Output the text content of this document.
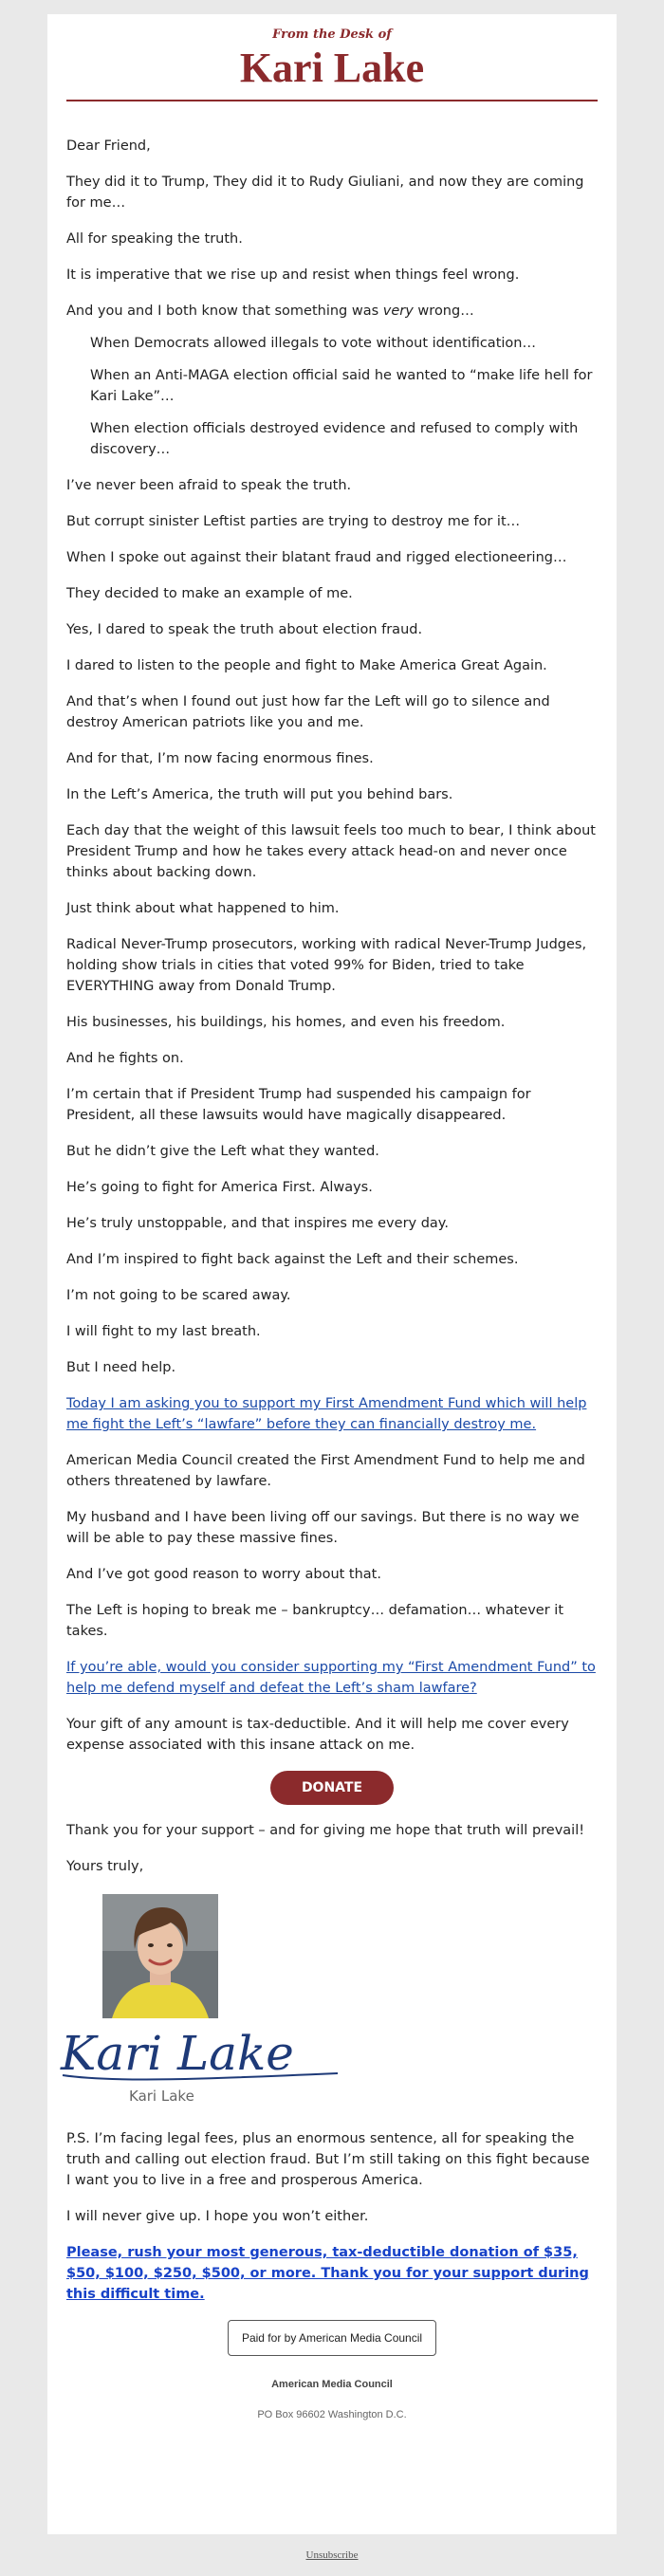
From the Desk of
Kari Lake

Dear Friend,

They did it to Trump, They did it to Rudy Giuliani, and now they are coming for me…

All for speaking the truth.

It is imperative that we rise up and resist when things feel wrong.

And you and I both know that something was very wrong…

When Democrats allowed illegals to vote without identification…

When an Anti-MAGA election official said he wanted to “make life hell for Kari Lake”…

When election officials destroyed evidence and refused to comply with discovery…

I’ve never been afraid to speak the truth.

But corrupt sinister Leftist parties are trying to destroy me for it…

When I spoke out against their blatant fraud and rigged electioneering…

They decided to make an example of me.

Yes, I dared to speak the truth about election fraud.

I dared to listen to the people and fight to Make America Great Again.

And that’s when I found out just how far the Left will go to silence and destroy American patriots like you and me.

And for that, I’m now facing enormous fines.

In the Left’s America, the truth will put you behind bars.

Each day that the weight of this lawsuit feels too much to bear, I think about President Trump and how he takes every attack head-on and never once thinks about backing down.

Just think about what happened to him.

Radical Never-Trump prosecutors, working with radical Never-Trump Judges, holding show trials in cities that voted 99% for Biden, tried to take EVERYTHING away from Donald Trump.

His businesses, his buildings, his homes, and even his freedom.

And he fights on.

I’m certain that if President Trump had suspended his campaign for President, all these lawsuits would have magically disappeared.

But he didn’t give the Left what they wanted.

He’s going to fight for America First. Always.

He’s truly unstoppable, and that inspires me every day.

And I’m inspired to fight back against the Left and their schemes.

I’m not going to be scared away.

I will fight to my last breath.

But I need help.

Today I am asking you to support my First Amendment Fund which will help me fight the Left’s “lawfare” before they can financially destroy me.

American Media Council created the First Amendment Fund to help me and others threatened by lawfare.

My husband and I have been living off our savings. But there is no way we will be able to pay these massive fines.

And I’ve got good reason to worry about that.

The Left is hoping to break me – bankruptcy… defamation… whatever it takes.

If you’re able, would you consider supporting my “First Amendment Fund” to help me defend myself and defeat the Left’s sham lawfare?

Your gift of any amount is tax-deductible. And it will help me cover every expense associated with this insane attack on me.

DONATE

Thank you for your support – and for giving me hope that truth will prevail!

Yours truly,

Kari Lake
Kari Lake

P.S. I’m facing legal fees, plus an enormous sentence, all for speaking the truth and calling out election fraud. But I’m still taking on this fight because I want you to live in a free and prosperous America.

I will never give up. I hope you won’t either.

Please, rush your most generous, tax-deductible donation of $35, $50, $100, $250, $500, or more. Thank you for your support during this difficult time.

Paid for by American Media Council
American Media Council
PO Box 96602 Washington D.C.
Unsubscribe
